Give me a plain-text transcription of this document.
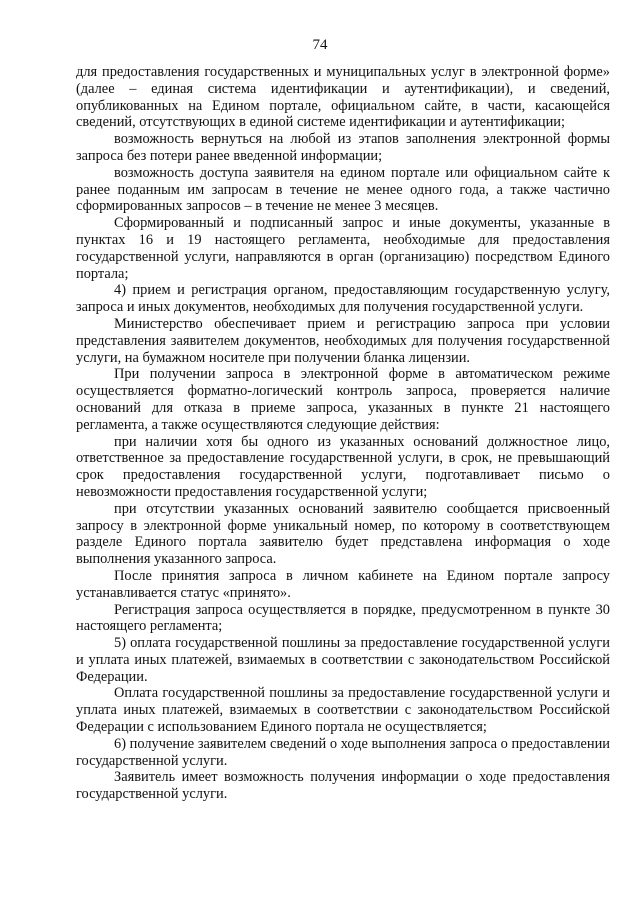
74

для предоставления государственных и муниципальных услуг в электронной форме» (далее – единая система идентификации и аутентификации), и сведений, опубликованных на Едином портале, официальном сайте, в части, касающейся сведений, отсутствующих в единой системе идентификации и аутентификации;

возможность вернуться на любой из этапов заполнения электронной формы запроса без потери ранее введенной информации;

возможность доступа заявителя на едином портале или официальном сайте к ранее поданным им запросам в течение не менее одного года, а также частично сформированных запросов – в течение не менее 3 месяцев.

Сформированный и подписанный запрос и иные документы, указанные в пунктах 16 и 19 настоящего регламента, необходимые для предоставления государственной услуги, направляются в орган (организацию) посредством Единого портала;

4) прием и регистрация органом, предоставляющим государственную услугу, запроса и иных документов, необходимых для получения государственной услуги.

Министерство обеспечивает прием и регистрацию запроса при условии представления заявителем документов, необходимых для получения государственной услуги, на бумажном носителе при получении бланка лицензии.

При получении запроса в электронной форме в автоматическом режиме осуществляется форматно-логический контроль запроса, проверяется наличие оснований для отказа в приеме запроса, указанных в пункте 21 настоящего регламента, а также осуществляются следующие действия:

при наличии хотя бы одного из указанных оснований должностное лицо, ответственное за предоставление государственной услуги, в срок, не превышающий срок предоставления государственной услуги, подготавливает письмо о невозможности предоставления государственной услуги;

при отсутствии указанных оснований заявителю сообщается присвоенный запросу в электронной форме уникальный номер, по которому в соответствующем разделе Единого портала заявителю будет представлена информация о ходе выполнения указанного запроса.

После принятия запроса в личном кабинете на Едином портале запросу устанавливается статус «принято».

Регистрация запроса осуществляется в порядке, предусмотренном в пункте 30 настоящего регламента;

5) оплата государственной пошлины за предоставление государственной услуги и уплата иных платежей, взимаемых в соответствии с законодательством Российской Федерации.

Оплата государственной пошлины за предоставление государственной услуги и уплата иных платежей, взимаемых в соответствии с законодательством Российской Федерации с использованием Единого портала не осуществляется;

6) получение заявителем сведений о ходе выполнения запроса о предоставлении государственной услуги.

Заявитель имеет возможность получения информации о ходе предоставления государственной услуги.
